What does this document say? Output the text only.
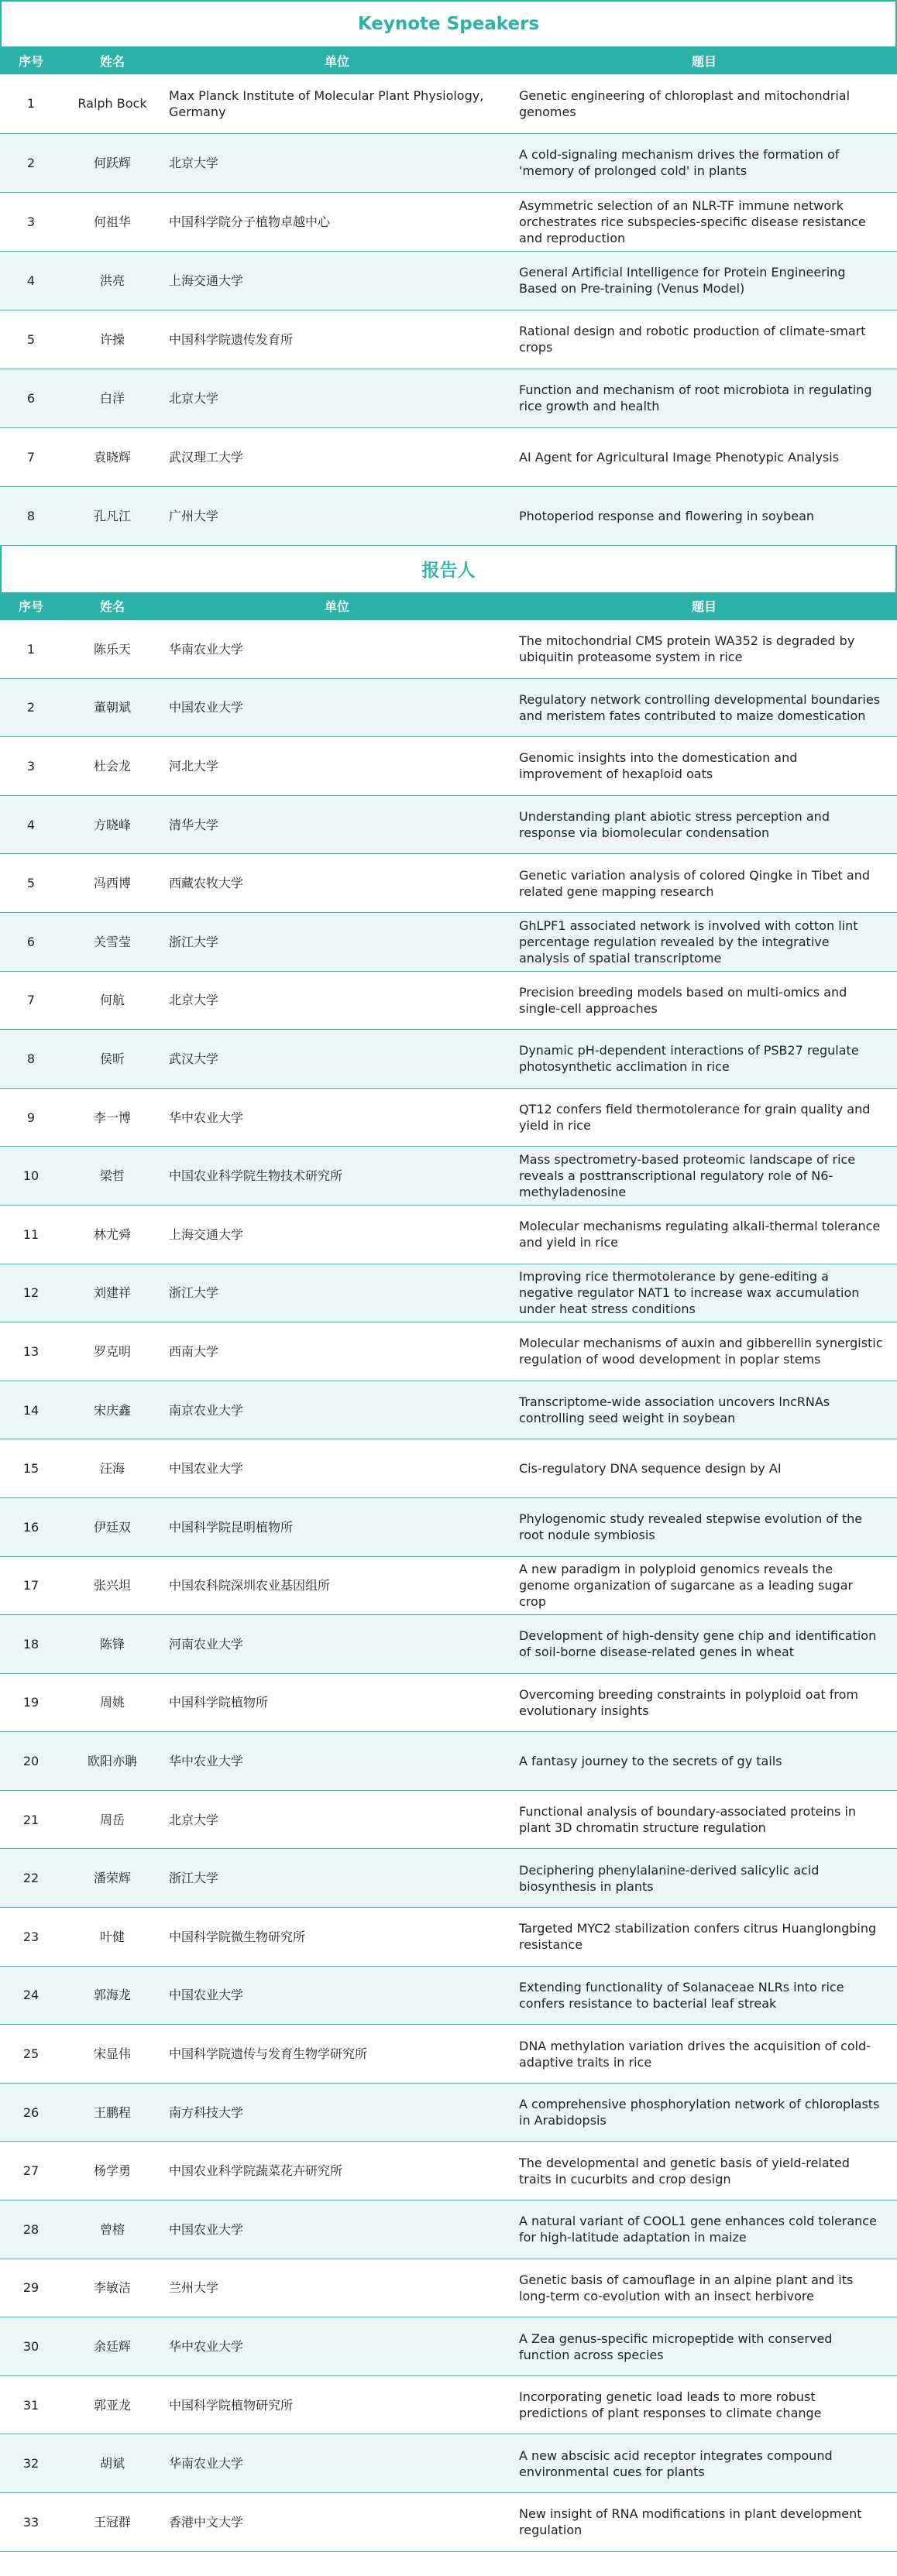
Keynote Speakers
序号	姓名	单位	题目
1	Ralph Bock	Max Planck Institute of Molecular Plant Physiology, Germany	Genetic engineering of chloroplast and mitochondrial genomes
2	何跃辉	北京大学	A cold-signaling mechanism drives the formation of 'memory of prolonged cold' in plants
3	何祖华	中国科学院分子植物卓越中心	Asymmetric selection of an NLR-TF immune network orchestrates rice subspecies-specific disease resistance and reproduction
4	洪亮	上海交通大学	General Artificial Intelligence for Protein Engineering Based on Pre-training (Venus Model)
5	许操	中国科学院遗传发育所	Rational design and robotic production of climate-smart crops
6	白洋	北京大学	Function and mechanism of root microbiota in regulating rice growth and health
7	袁晓辉	武汉理工大学	AI Agent for Agricultural Image Phenotypic Analysis
8	孔凡江	广州大学	Photoperiod response and flowering in soybean
报告人
序号	姓名	单位	题目
1	陈乐天	华南农业大学	The mitochondrial CMS protein WA352 is degraded by ubiquitin proteasome system in rice
2	董朝斌	中国农业大学	Regulatory network controlling developmental boundaries and meristem fates contributed to maize domestication
3	杜会龙	河北大学	Genomic insights into the domestication and improvement of hexaploid oats
4	方晓峰	清华大学	Understanding plant abiotic stress perception and response via biomolecular condensation
5	冯西博	西藏农牧大学	Genetic variation analysis of colored Qingke in Tibet and related gene mapping research
6	关雪莹	浙江大学	GhLPF1 associated network is involved with cotton lint percentage regulation revealed by the integrative analysis of spatial transcriptome
7	何航	北京大学	Precision breeding models based on multi-omics and single-cell approaches
8	侯昕	武汉大学	Dynamic pH-dependent interactions of PSB27 regulate photosynthetic acclimation in rice
9	李一博	华中农业大学	QT12 confers field thermotolerance for grain quality and yield in rice
10	梁哲	中国农业科学院生物技术研究所	Mass spectrometry-based proteomic landscape of rice reveals a posttranscriptional regulatory role of N6-methyladenosine
11	林尤舜	上海交通大学	Molecular mechanisms regulating alkali-thermal tolerance and yield in rice
12	刘建祥	浙江大学	Improving rice thermotolerance by gene-editing a negative regulator NAT1 to increase wax accumulation under heat stress conditions
13	罗克明	西南大学	Molecular mechanisms of auxin and gibberellin synergistic regulation of wood development in poplar stems
14	宋庆鑫	南京农业大学	Transcriptome-wide association uncovers lncRNAs controlling seed weight in soybean
15	汪海	中国农业大学	Cis-regulatory DNA sequence design by AI
16	伊廷双	中国科学院昆明植物所	Phylogenomic study revealed stepwise evolution of the root nodule symbiosis
17	张兴坦	中国农科院深圳农业基因组所	A new paradigm in polyploid genomics reveals the genome organization of sugarcane as a leading sugar crop
18	陈锋	河南农业大学	Development of high-density gene chip and identification of soil-borne disease-related genes in wheat
19	周姚	中国科学院植物所	Overcoming breeding constraints in polyploid oat from evolutionary insights
20	欧阳亦聃	华中农业大学	A fantasy journey to the secrets of gy tails
21	周岳	北京大学	Functional analysis of boundary-associated proteins in plant 3D chromatin structure regulation
22	潘荣辉	浙江大学	Deciphering phenylalanine-derived salicylic acid biosynthesis in plants
23	叶健	中国科学院微生物研究所	Targeted MYC2 stabilization confers citrus Huanglongbing resistance
24	郭海龙	中国农业大学	Extending functionality of Solanaceae NLRs into rice confers resistance to bacterial leaf streak
25	宋显伟	中国科学院遗传与发育生物学研究所	DNA methylation variation drives the acquisition of cold-adaptive traits in rice
26	王鹏程	南方科技大学	A comprehensive phosphorylation network of chloroplasts in Arabidopsis
27	杨学勇	中国农业科学院蔬菜花卉研究所	The developmental and genetic basis of yield-related traits in cucurbits and crop design
28	曾榕	中国农业大学	A natural variant of COOL1 gene enhances cold tolerance for high-latitude adaptation in maize
29	李敏洁	兰州大学	Genetic basis of camouflage in an alpine plant and its long-term co-evolution with an insect herbivore
30	余廷辉	华中农业大学	A Zea genus-specific micropeptide with conserved function across species
31	郭亚龙	中国科学院植物研究所	Incorporating genetic load leads to more robust predictions of plant responses to climate change
32	胡斌	华南农业大学	A new abscisic acid receptor integrates compound environmental cues for plants
33	王冠群	香港中文大学	New insight of RNA modifications in plant development regulation
